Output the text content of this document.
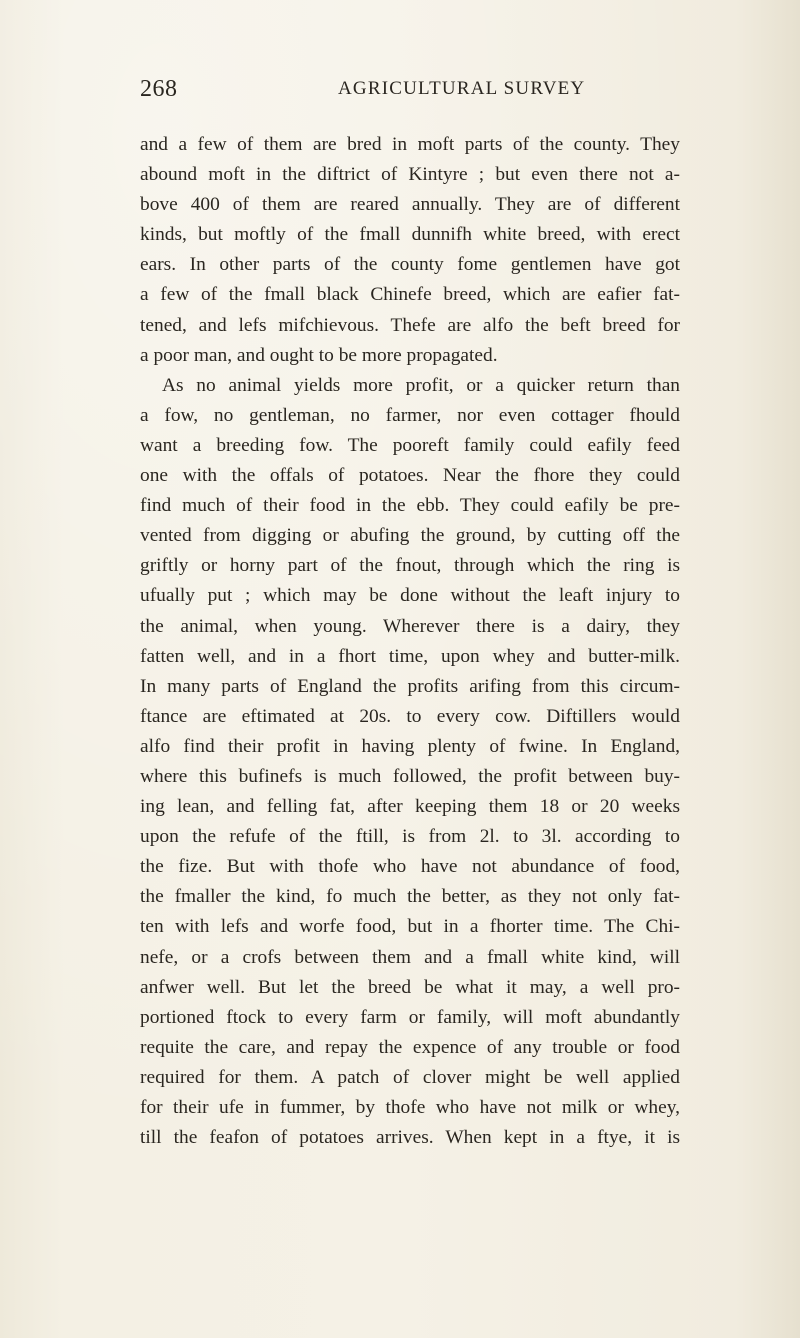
268	AGRICULTURAL SURVEY
and a few of them are bred in moft parts of the county. They
abound moft in the diftrict of Kintyre ; but even there not a-
bove 400 of them are reared annually. They are of different
kinds, but moftly of the fmall dunnifh white breed, with erect
ears. In other parts of the county fome gentlemen have got
a few of the fmall black Chinefe breed, which are eafier fat-
tened, and lefs mifchievous. Thefe are alfo the beft breed for
a poor man, and ought to be more propagated.
As no animal yields more profit, or a quicker return than
a fow, no gentleman, no farmer, nor even cottager fhould
want a breeding fow. The pooreft family could eafily feed
one with the offals of potatoes. Near the fhore they could
find much of their food in the ebb. They could eafily be pre-
vented from digging or abufing the ground, by cutting off the
griftly or horny part of the fnout, through which the ring is
ufually put ; which may be done without the leaft injury to
the animal, when young. Wherever there is a dairy, they
fatten well, and in a fhort time, upon whey and butter-milk.
In many parts of England the profits arifing from this circum-
ftance are eftimated at 20s. to every cow. Diftillers would
alfo find their profit in having plenty of fwine. In England,
where this bufinefs is much followed, the profit between buy-
ing lean, and felling fat, after keeping them 18 or 20 weeks
upon the refufe of the ftill, is from 2l. to 3l. according to
the fize. But with thofe who have not abundance of food,
the fmaller the kind, fo much the better, as they not only fat-
ten with lefs and worfe food, but in a fhorter time. The Chi-
nefe, or a crofs between them and a fmall white kind, will
anfwer well. But let the breed be what it may, a well pro-
portioned ftock to every farm or family, will moft abundantly
requite the care, and repay the expence of any trouble or food
required for them. A patch of clover might be well applied
for their ufe in fummer, by thofe who have not milk or whey,
till the feafon of potatoes arrives. When kept in a ftye, it is
